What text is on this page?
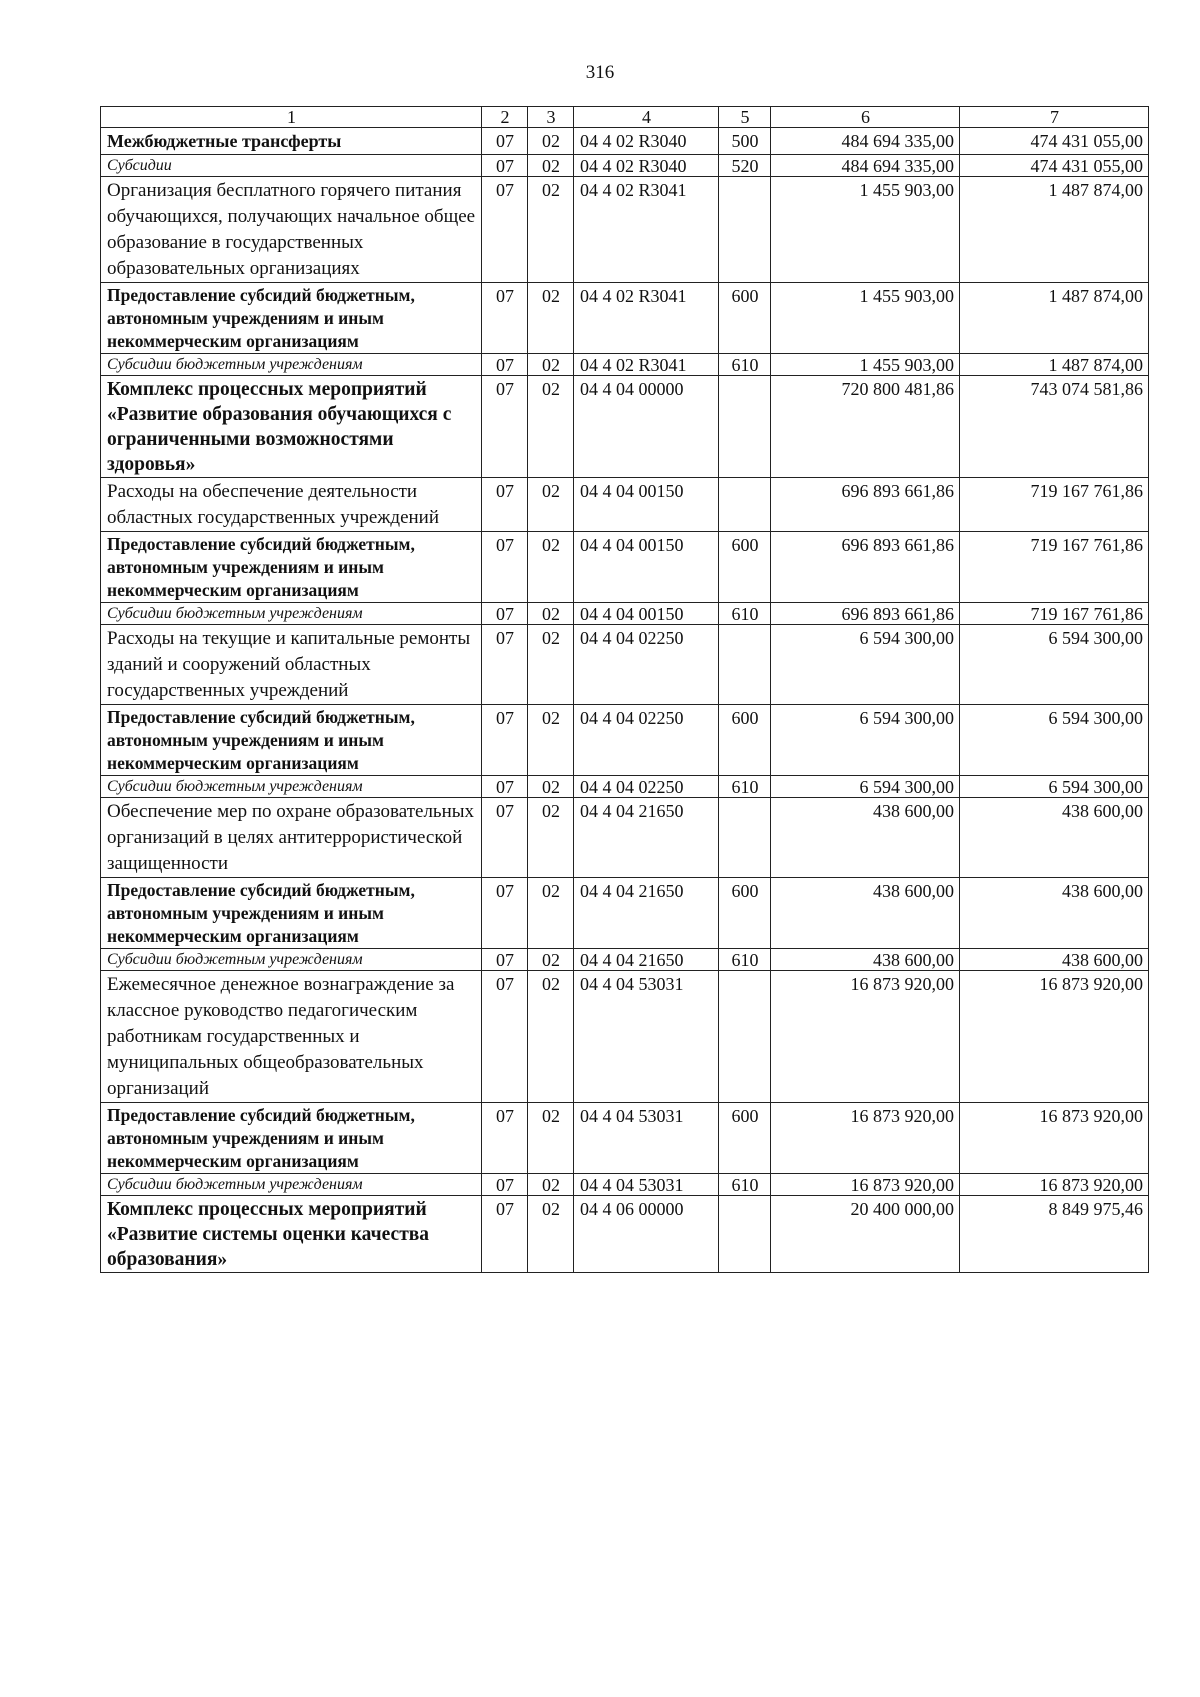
316
1	2	3	4	5	6	7
Межбюджетные трансферты	07	02	04 4 02 R3040	500	484 694 335,00	474 431 055,00
Субсидии	07	02	04 4 02 R3040	520	484 694 335,00	474 431 055,00
Организация бесплатного горячего питания обучающихся, получающих начальное общее образование в государственных образовательных организациях	07	02	04 4 02 R3041		1 455 903,00	1 487 874,00
Предоставление субсидий бюджетным, автономным учреждениям и иным некоммерческим организациям	07	02	04 4 02 R3041	600	1 455 903,00	1 487 874,00
Субсидии бюджетным учреждениям	07	02	04 4 02 R3041	610	1 455 903,00	1 487 874,00
Комплекс процессных мероприятий «Развитие образования обучающихся с ограниченными возможностями здоровья»	07	02	04 4 04 00000		720 800 481,86	743 074 581,86
Расходы на обеспечение деятельности областных государственных учреждений	07	02	04 4 04 00150		696 893 661,86	719 167 761,86
Предоставление субсидий бюджетным, автономным учреждениям и иным некоммерческим организациям	07	02	04 4 04 00150	600	696 893 661,86	719 167 761,86
Субсидии бюджетным учреждениям	07	02	04 4 04 00150	610	696 893 661,86	719 167 761,86
Расходы на текущие и капитальные ремонты зданий и сооружений областных государственных учреждений	07	02	04 4 04 02250		6 594 300,00	6 594 300,00
Предоставление субсидий бюджетным, автономным учреждениям и иным некоммерческим организациям	07	02	04 4 04 02250	600	6 594 300,00	6 594 300,00
Субсидии бюджетным учреждениям	07	02	04 4 04 02250	610	6 594 300,00	6 594 300,00
Обеспечение мер по охране образовательных организаций в целях антитеррористической защищенности	07	02	04 4 04 21650		438 600,00	438 600,00
Предоставление субсидий бюджетным, автономным учреждениям и иным некоммерческим организациям	07	02	04 4 04 21650	600	438 600,00	438 600,00
Субсидии бюджетным учреждениям	07	02	04 4 04 21650	610	438 600,00	438 600,00
Ежемесячное денежное вознаграждение за классное руководство педагогическим работникам государственных и муниципальных общеобразовательных организаций	07	02	04 4 04 53031		16 873 920,00	16 873 920,00
Предоставление субсидий бюджетным, автономным учреждениям и иным некоммерческим организациям	07	02	04 4 04 53031	600	16 873 920,00	16 873 920,00
Субсидии бюджетным учреждениям	07	02	04 4 04 53031	610	16 873 920,00	16 873 920,00
Комплекс процессных мероприятий «Развитие системы оценки качества образования»	07	02	04 4 06 00000		20 400 000,00	8 849 975,46
